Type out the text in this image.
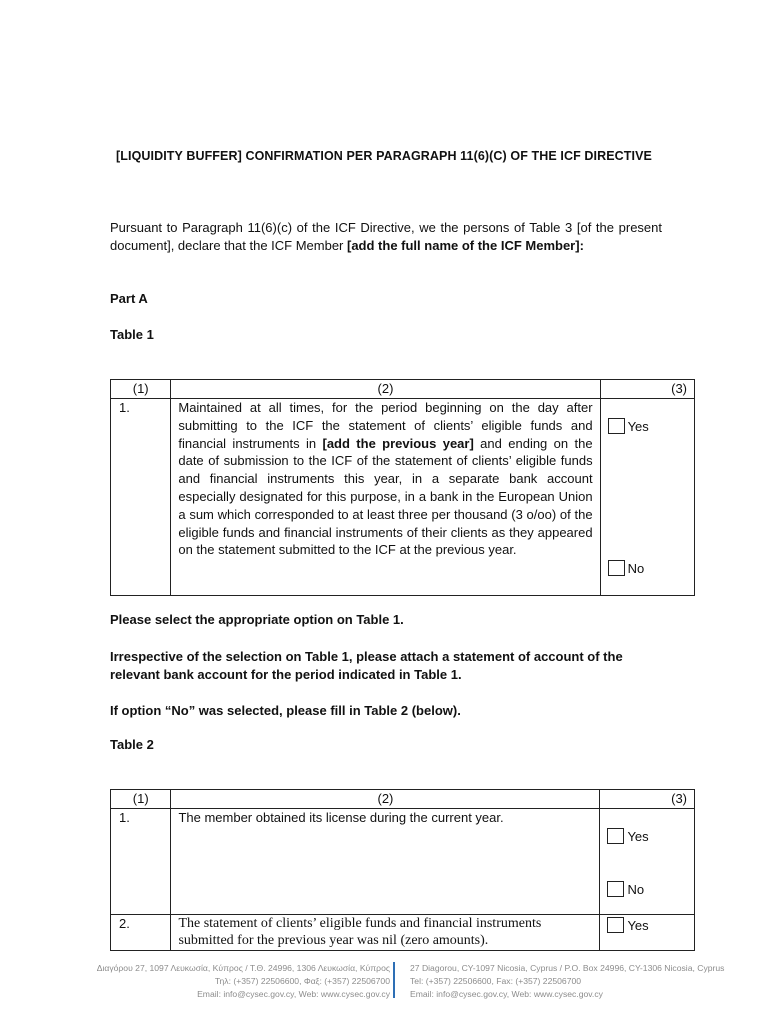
[LIQUIDITY BUFFER] CONFIRMATION PER PARAGRAPH 11(6)(C) OF THE ICF DIRECTIVE
Pursuant to Paragraph 11(6)(c) of the ICF Directive, we the persons of Table 3 [of the present document], declare that the ICF Member [add the full name of the ICF Member]:
Part A
Table 1
(1)	(2)	(3)
1.	Maintained at all times, for the period beginning on the day after submitting to the ICF the statement of clients’ eligible funds and financial instruments in [add the previous year] and ending on the date of submission to the ICF of the statement of clients’ eligible funds and financial instruments this year, in a separate bank account especially designated for this purpose, in a bank in the European Union a sum which corresponded to at least three per thousand (3 o/oo) of the eligible funds and financial instruments of their clients as they appeared on the statement submitted to the ICF at the previous year.	Yes
No
Please select the appropriate option on Table 1.
Irrespective of the selection on Table 1, please attach a statement of account of the relevant bank account for the period indicated in Table 1.
If option “No” was selected, please fill in Table 2 (below).
Table 2
(1)	(2)	(3)
1.	The member obtained its license during the current year.	Yes
No

2.	The statement of clients’ eligible funds and financial instruments submitted for the previous year was nil (zero amounts).	Yes
Διαγόρου 27, 1097 Λευκωσία, Κύπρος / Τ.Θ. 24996, 1306 Λευκωσία, Κύπρος
Τηλ: (+357) 22506600, Φαξ: (+357) 22506700
Email: info@cysec.gov.cy, Web: www.cysec.gov.cy
27 Diagorou, CY-1097 Nicosia, Cyprus / P.O. Box 24996, CY-1306 Nicosia, Cyprus
Tel: (+357) 22506600, Fax: (+357) 22506700
Email: info@cysec.gov.cy, Web: www.cysec.gov.cy
